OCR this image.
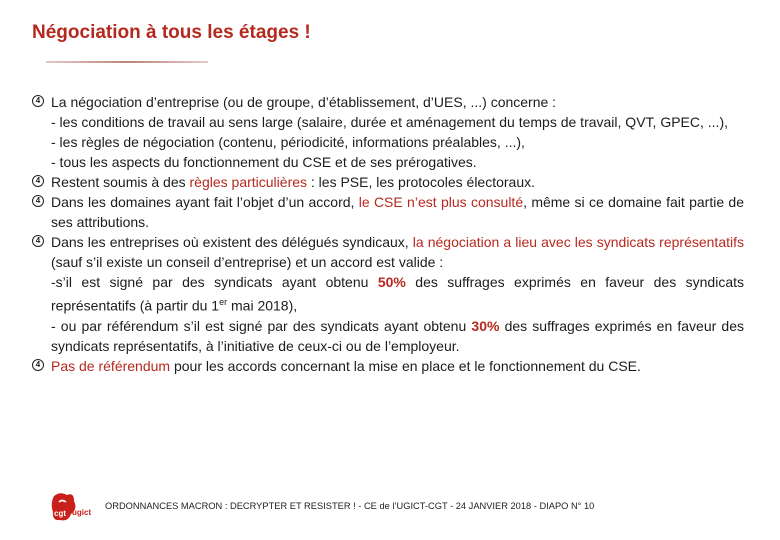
Négociation à tous les étages !
4 La négociation d’entreprise (ou de groupe, d’établissement, d’UES, ...) concerne :
- les conditions de travail au sens large (salaire, durée et aménagement du temps de travail, QVT, GPEC, ...),
- les règles de négociation (contenu, périodicité, informations préalables, ...),
- tous les aspects du fonctionnement du CSE et de ses prérogatives.
4 Restent soumis à des règles particulières : les PSE, les protocoles électoraux.
4 Dans les domaines ayant fait l’objet d’un accord, le CSE n’est plus consulté, même si ce domaine fait partie de ses attributions.
4 Dans les entreprises où existent des délégués syndicaux, la négociation a lieu avec les syndicats représentatifs (sauf s’il existe un conseil d’entreprise) et un accord est valide :
-s’il est signé par des syndicats ayant obtenu 50% des suffrages exprimés en faveur des syndicats représentatifs (à partir du 1er mai 2018),
- ou par référendum s’il est signé par des syndicats ayant obtenu 30% des suffrages exprimés en faveur des syndicats représentatifs, à l’initiative de ceux-ci ou de l’employeur.
4 Pas de référendum pour les accords concernant la mise en place et le fonctionnement du CSE.
cgt ugict
ORDONNANCES MACRON : DECRYPTER ET RESISTER ! - CE de l’UGICT-CGT - 24 JANVIER 2018 - DIAPO N° 10
